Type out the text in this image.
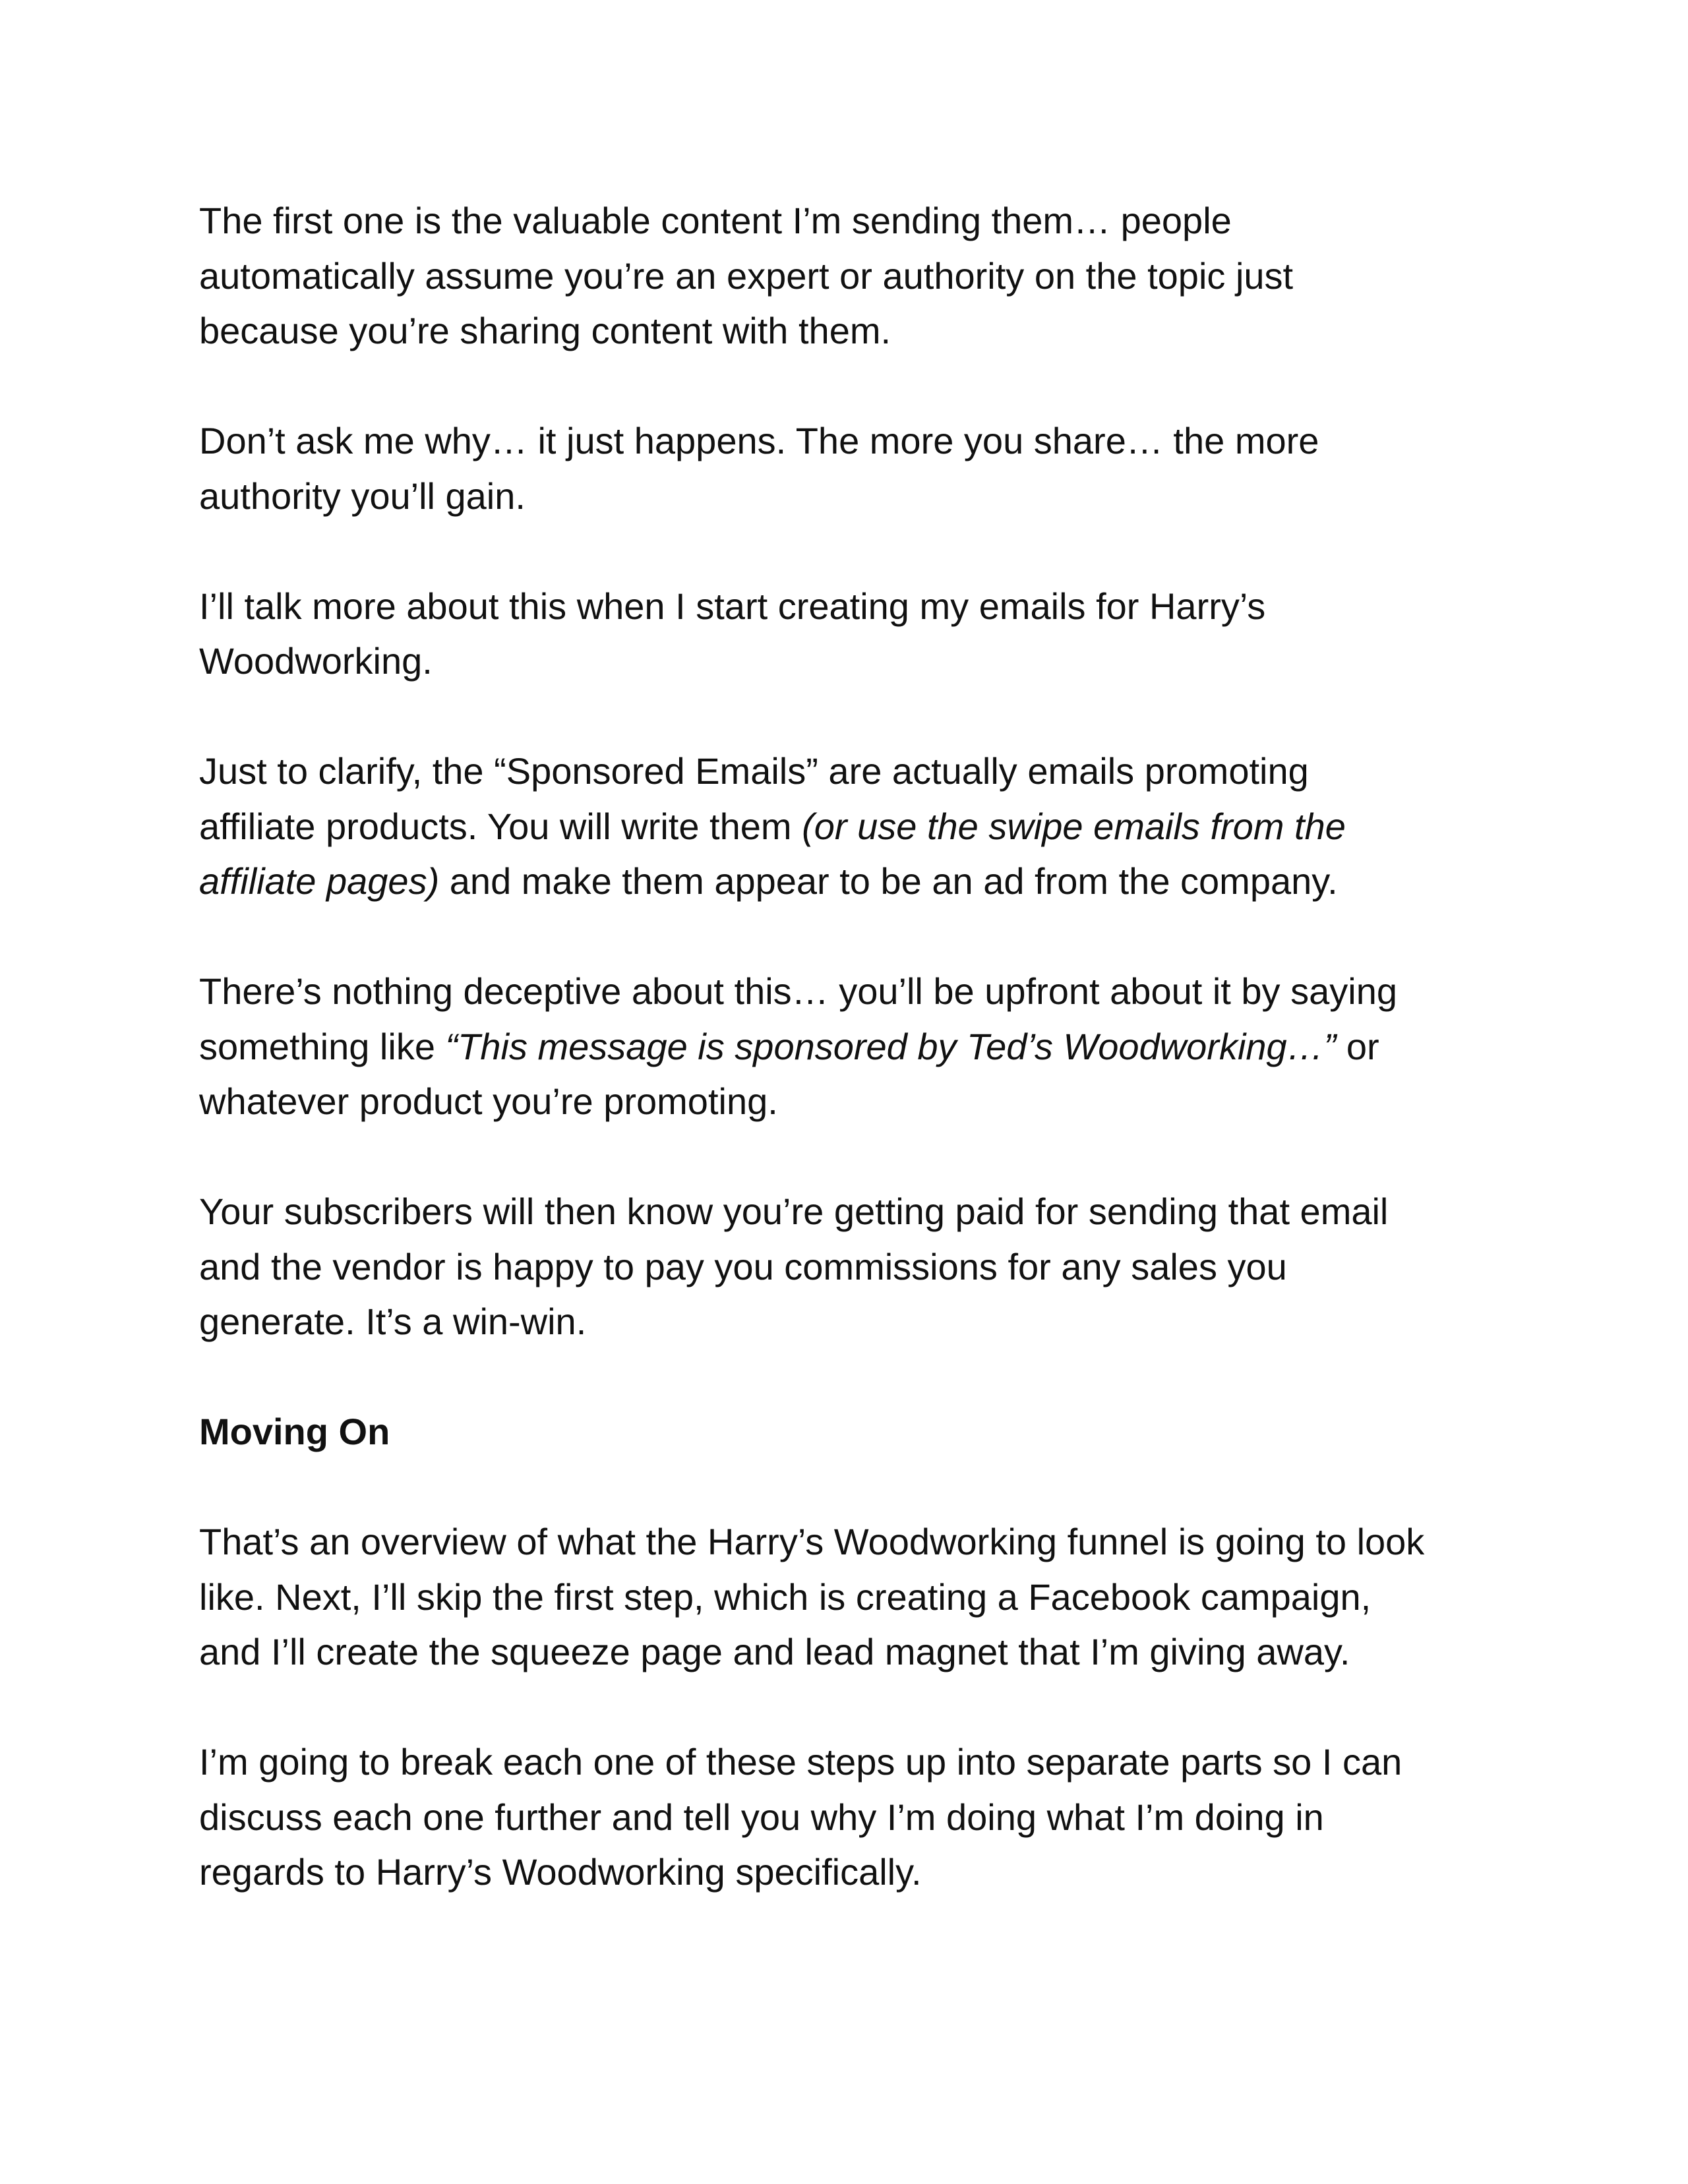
The first one is the valuable content I’m sending them… people
automatically assume you’re an expert or authority on the topic just
because you’re sharing content with them.

Don’t ask me why… it just happens. The more you share… the more
authority you’ll gain.

I’ll talk more about this when I start creating my emails for Harry’s
Woodworking.

Just to clarify, the “Sponsored Emails” are actually emails promoting
affiliate products. You will write them (or use the swipe emails from the
affiliate pages) and make them appear to be an ad from the company.

There’s nothing deceptive about this… you’ll be upfront about it by saying
something like “This message is sponsored by Ted’s Woodworking…” or
whatever product you’re promoting.

Your subscribers will then know you’re getting paid for sending that email
and the vendor is happy to pay you commissions for any sales you
generate. It’s a win-win.

Moving On

That’s an overview of what the Harry’s Woodworking funnel is going to look
like. Next, I’ll skip the first step, which is creating a Facebook campaign,
and I’ll create the squeeze page and lead magnet that I’m giving away.

I’m going to break each one of these steps up into separate parts so I can
discuss each one further and tell you why I’m doing what I’m doing in
regards to Harry’s Woodworking specifically.
